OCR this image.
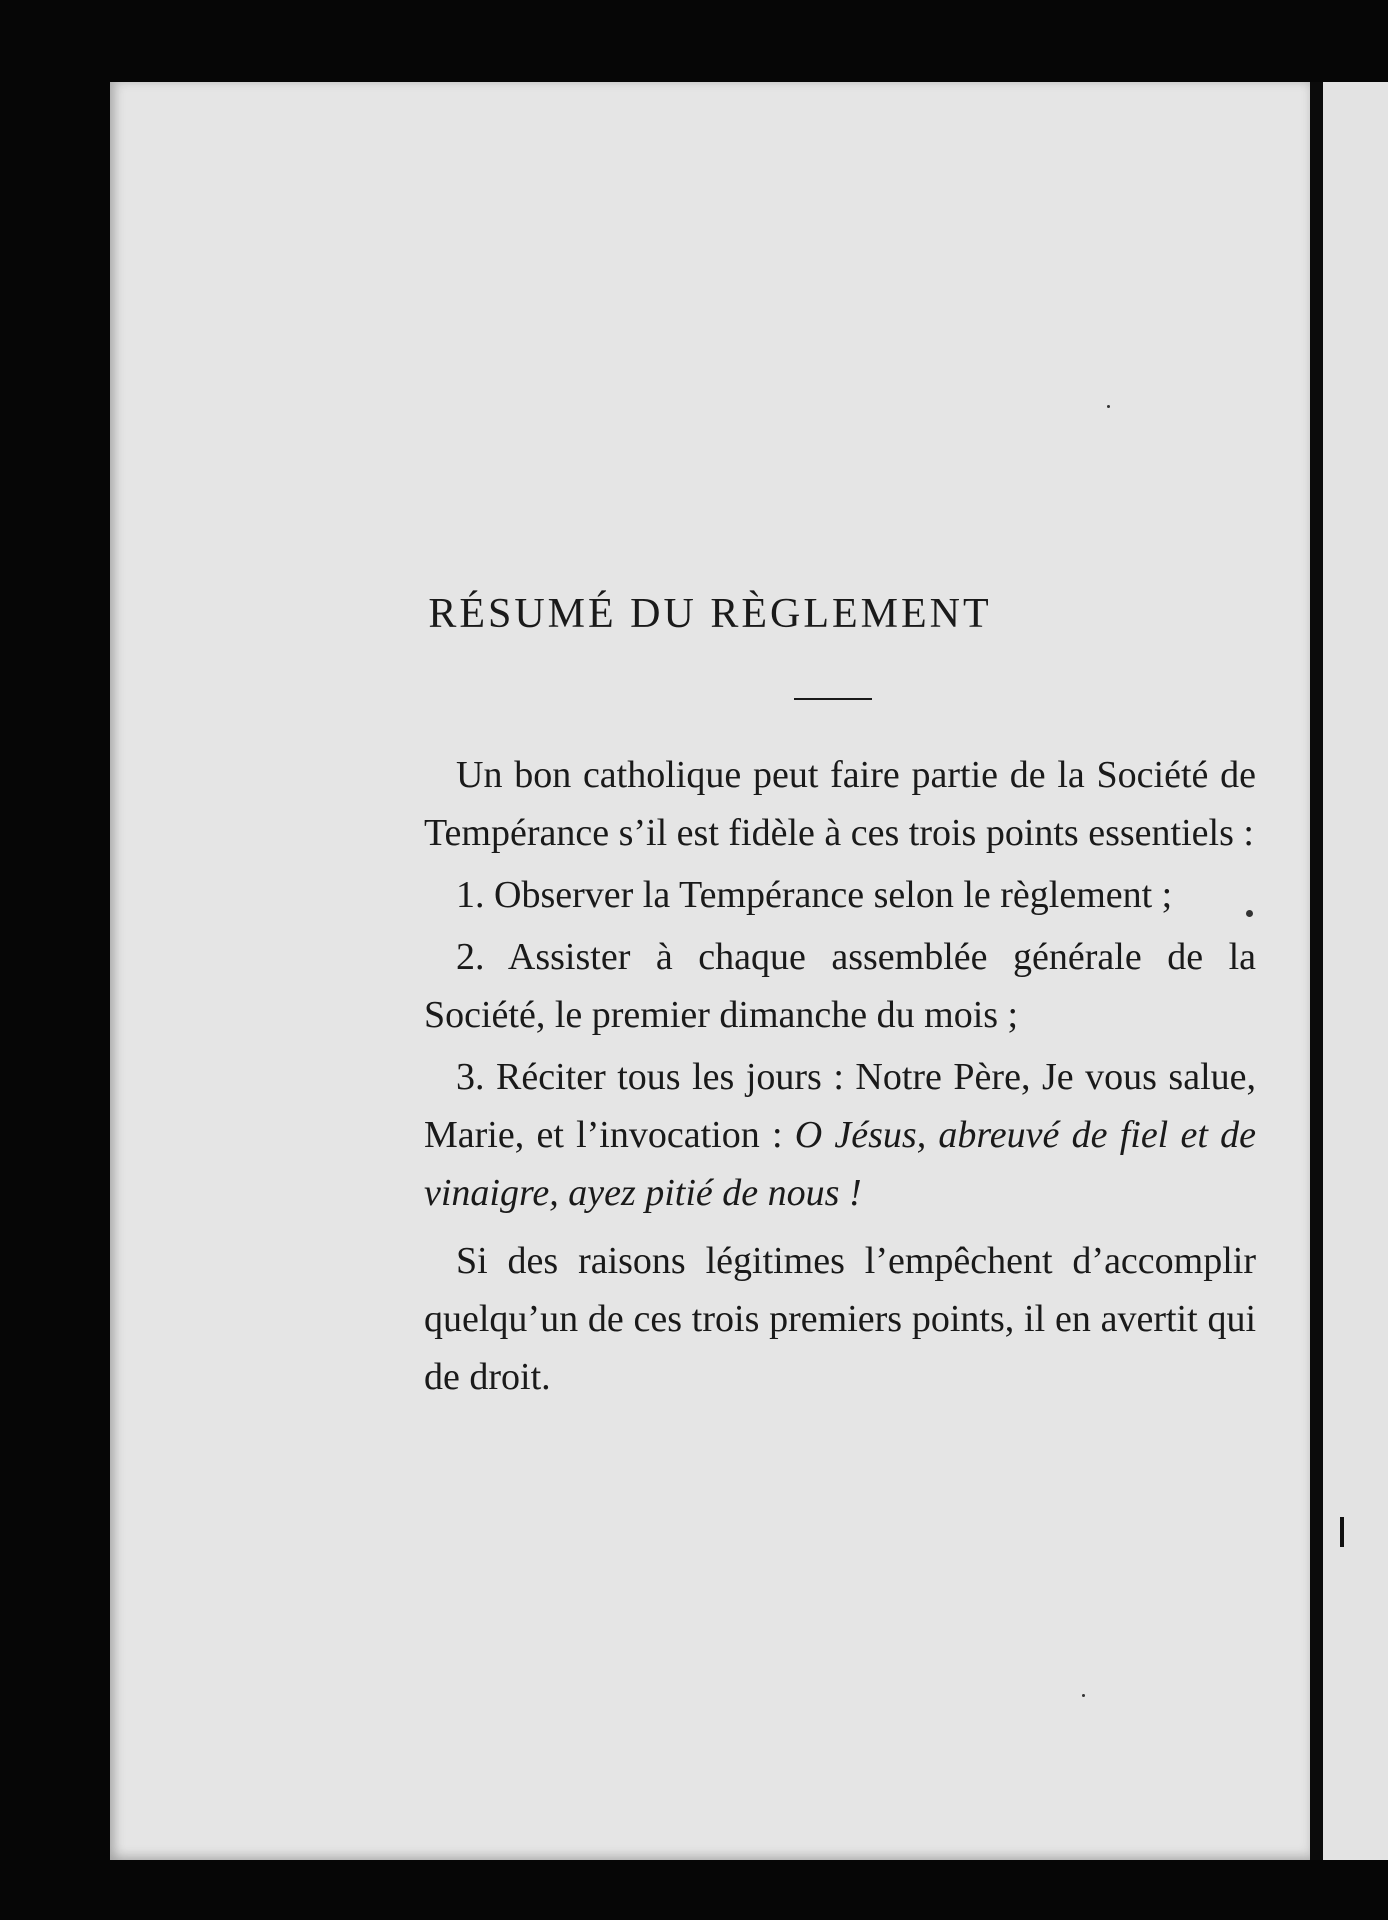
RÉSUMÉ DU RÈGLEMENT

Un bon catholique peut faire partie de la Société de Tempérance s’il est fidèle à ces trois points essentiels :

1. Observer la Tempérance selon le règlement ;

2. Assister à chaque assemblée générale de la Société, le premier dimanche du mois ;

3. Réciter tous les jours : Notre Père, Je vous salue, Marie, et l’invocation : O Jésus, abreuvé de fiel et de vinaigre, ayez pitié de nous !

Si des raisons légitimes l’empêchent d’accomplir quelqu’un de ces trois premiers points, il en avertit qui de droit.
